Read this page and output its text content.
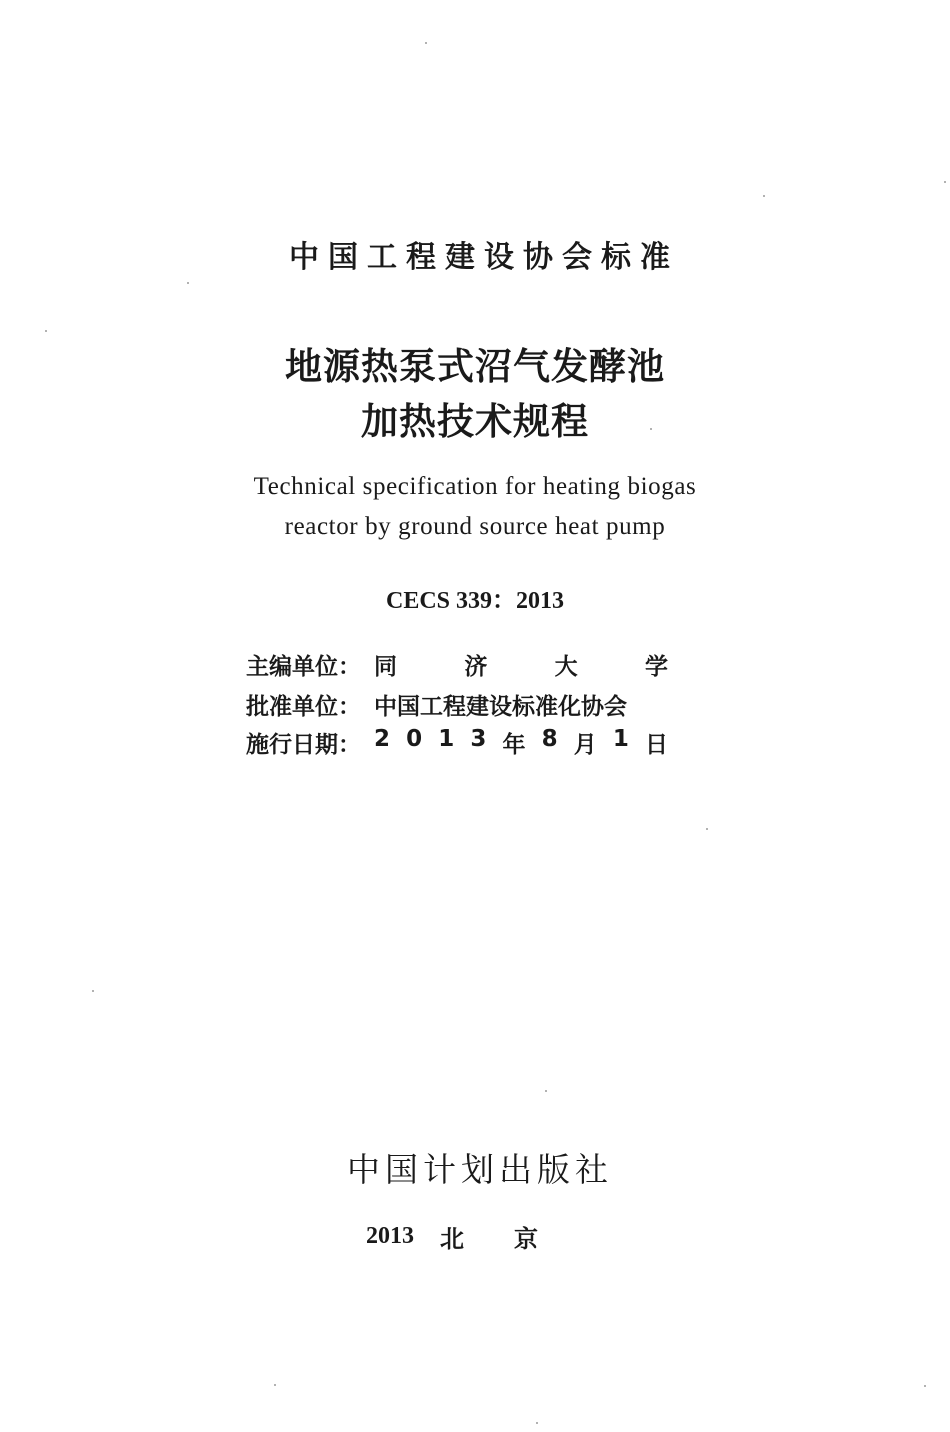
中国工程建设协会标准
地源热泵式沼气发酵池
加热技术规程
Technical specification for heating biogas
reactor by ground source heat pump
CECS 339：2013
主编单位： 同	济	大	学
批准单位： 中国工程建设标准化协会
施行日期： 2 0 1 3 年 8 月 1 日
中国计划出版社
2013 北京
